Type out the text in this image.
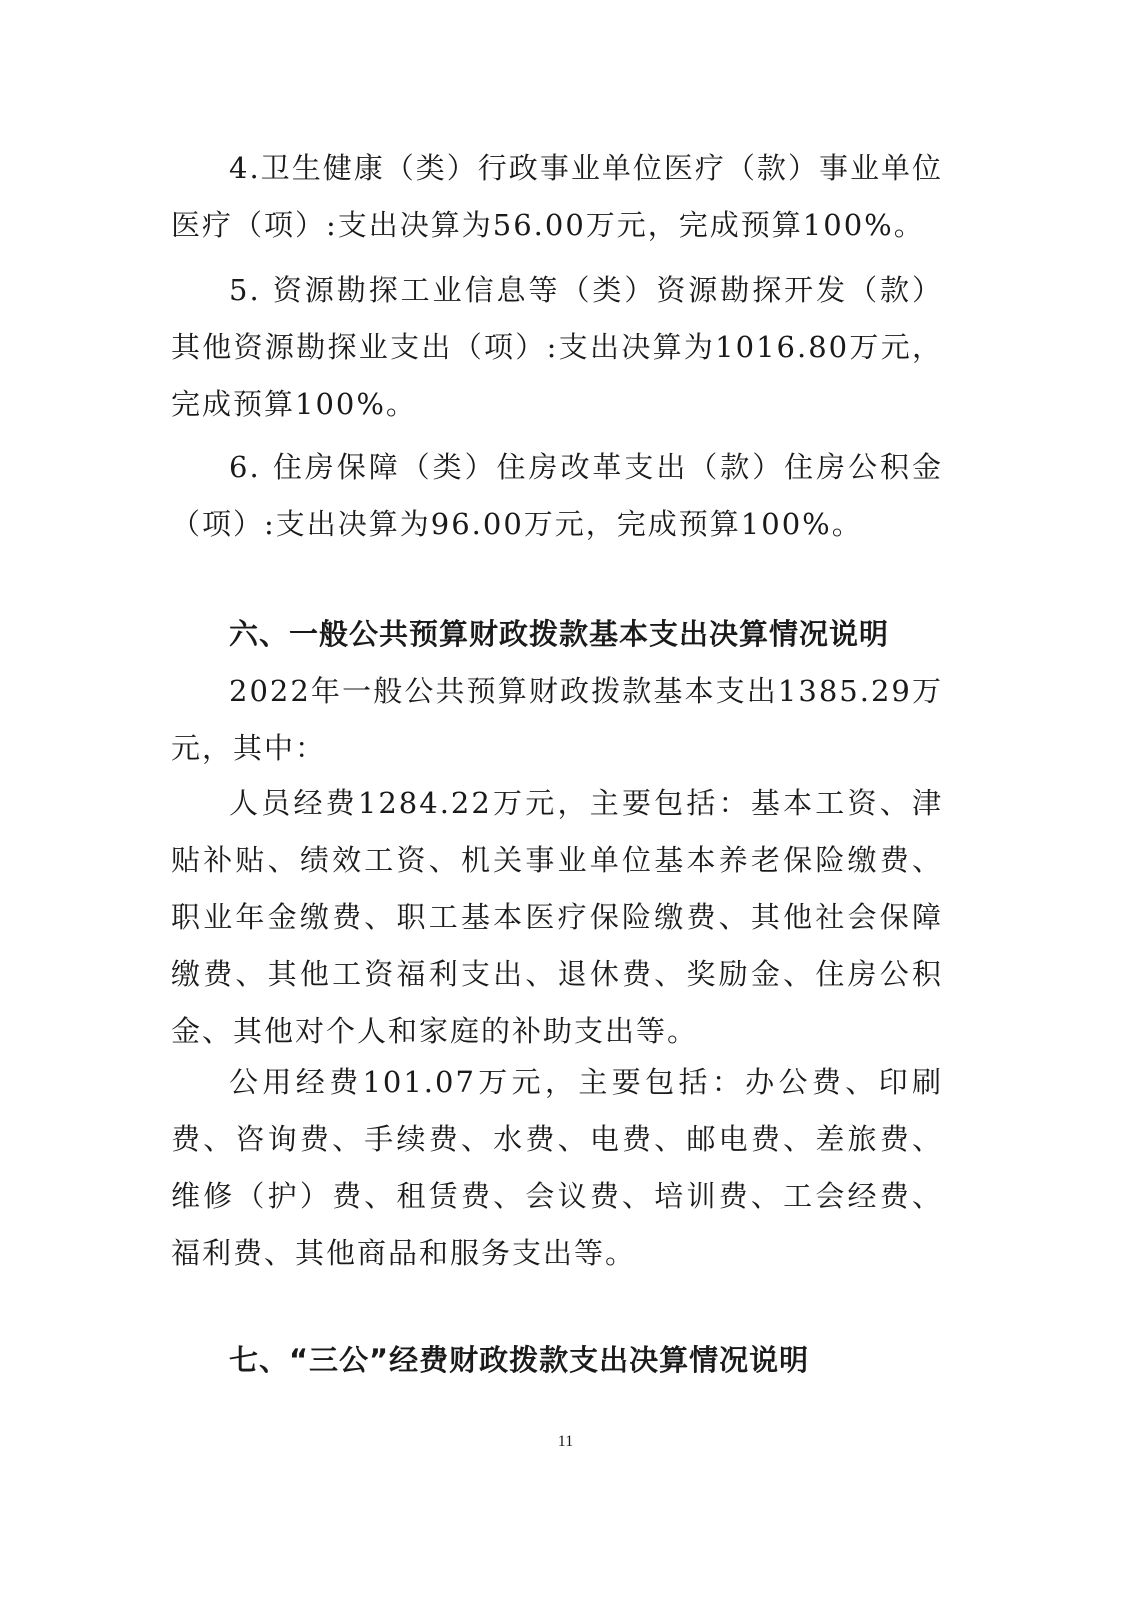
4.卫生健康（类）行政事业单位医疗（款）事业单位医疗（项）:支出决算为56.00万元，完成预算100%。

5. 资源勘探工业信息等（类）资源勘探开发（款）其他资源勘探业支出（项）:支出决算为1016.80万元，完成预算100%。

6. 住房保障（类）住房改革支出（款）住房公积金（项）:支出决算为96.00万元，完成预算100%。

六、一般公共预算财政拨款基本支出决算情况说明

2022年一般公共预算财政拨款基本支出1385.29万元，其中：

人员经费1284.22万元，主要包括：基本工资、津贴补贴、绩效工资、机关事业单位基本养老保险缴费、职业年金缴费、职工基本医疗保险缴费、其他社会保障缴费、其他工资福利支出、退休费、奖励金、住房公积金、其他对个人和家庭的补助支出等。

公用经费101.07万元，主要包括：办公费、印刷费、咨询费、手续费、水费、电费、邮电费、差旅费、维修（护）费、租赁费、会议费、培训费、工会经费、福利费、其他商品和服务支出等。

七、“三公”经费财政拨款支出决算情况说明
11
